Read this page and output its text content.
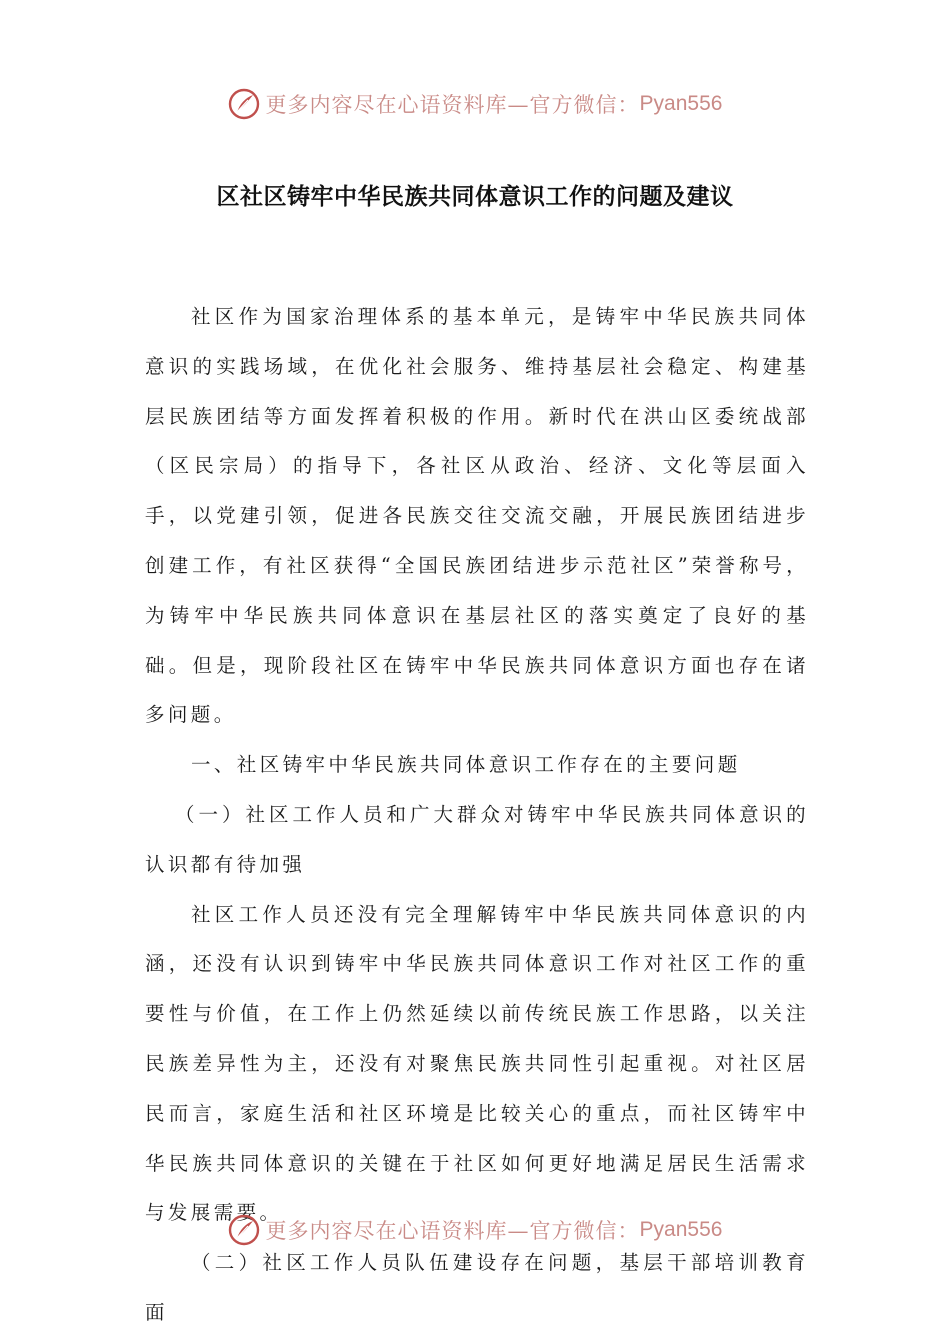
更多内容尽在心语资料库—官方微信： Pyan556
区社区铸牢中华民族共同体意识工作的问题及建议

社区作为国家治理体系的基本单元，是铸牢中华民族共同体意识的实践场域，在优化社会服务、维持基层社会稳定、构建基层民族团结等方面发挥着积极的作用。新时代在洪山区委统战部（区民宗局）的指导下，各社区从政治、经济、文化等层面入手，以党建引领，促进各民族交往交流交融，开展民族团结进步创建工作，有社区获得“全国民族团结进步示范社区”荣誉称号，为铸牢中华民族共同体意识在基层社区的落实奠定了良好的基础。但是，现阶段社区在铸牢中华民族共同体意识方面也存在诸多问题。

一、社区铸牢中华民族共同体意识工作存在的主要问题

（一）社区工作人员和广大群众对铸牢中华民族共同体意识的认识都有待加强

社区工作人员还没有完全理解铸牢中华民族共同体意识的内涵，还没有认识到铸牢中华民族共同体意识工作对社区工作的重要性与价值，在工作上仍然延续以前传统民族工作思路，以关注民族差异性为主，还没有对聚焦民族共同性引起重视。对社区居民而言，家庭生活和社区环境是比较关心的重点，而社区铸牢中华民族共同体意识的关键在于社区如何更好地满足居民生活需求与发展需要。

（二）社区工作人员队伍建设存在问题，基层干部培训教育面

更多内容尽在心语资料库—官方微信： Pyan556
